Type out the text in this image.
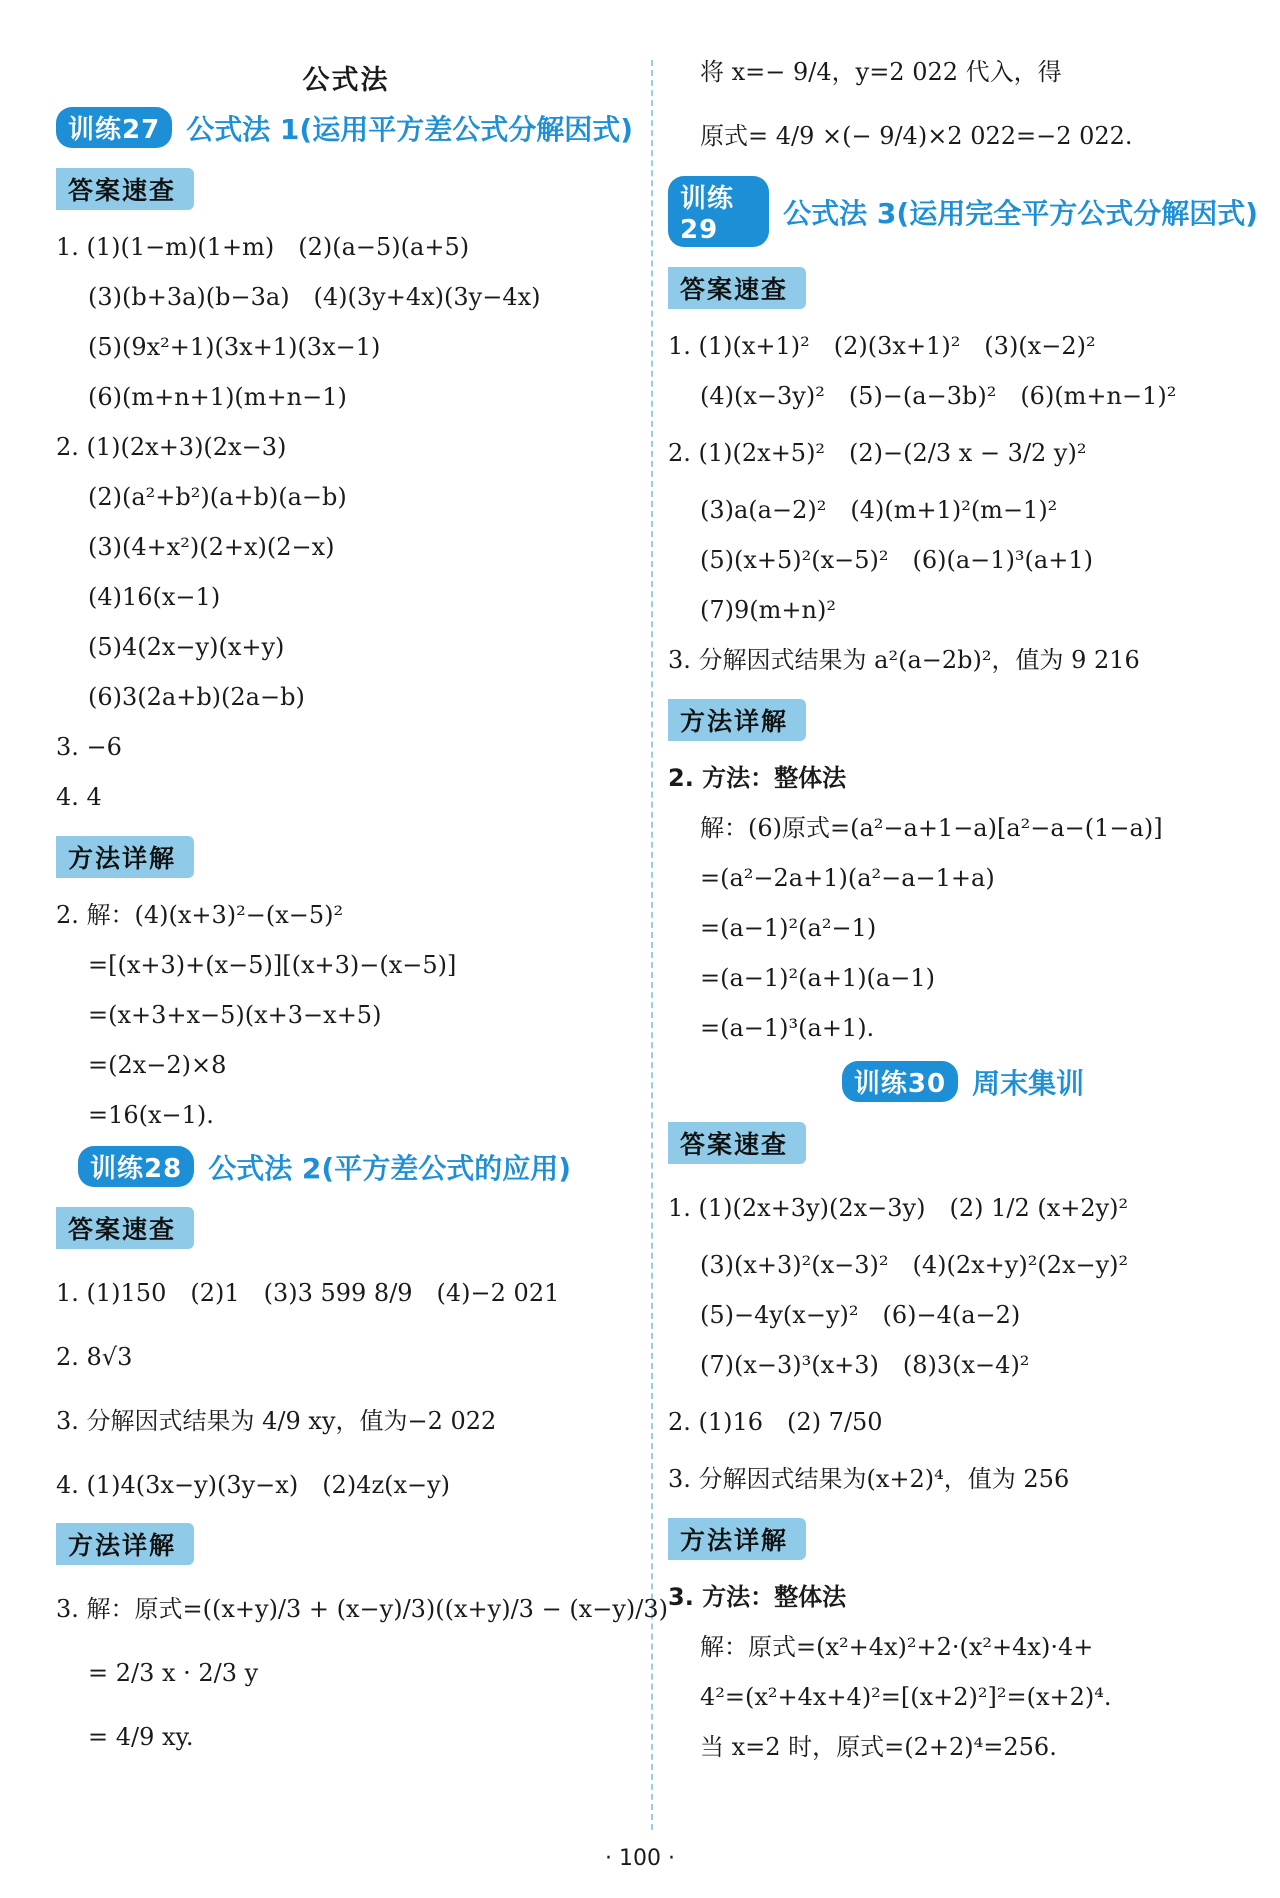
公式法
训练27 公式法 1(运用平方差公式分解因式)
答案速查
1. (1)(1−m)(1+m)　(2)(a−5)(a+5)
(3)(b+3a)(b−3a)　(4)(3y+4x)(3y−4x)
(5)(9x²+1)(3x+1)(3x−1)
(6)(m+n+1)(m+n−1)
2. (1)(2x+3)(2x−3)
(2)(a²+b²)(a+b)(a−b)
(3)(4+x²)(2+x)(2−x)
(4)16(x−1)
(5)4(2x−y)(x+y)
(6)3(2a+b)(2a−b)
3. −6
4. 4
方法详解
2. 解：(4)(x+3)²−(x−5)²
=[(x+3)+(x−5)][(x+3)−(x−5)]
=(x+3+x−5)(x+3−x+5)
=(2x−2)×8
=16(x−1).
训练28 公式法 2(平方差公式的应用)
答案速查
1. (1)150　(2)1　(3)3 599 8/9　(4)−2 021
2. 8√3
3. 分解因式结果为 4/9 xy，值为−2 022
4. (1)4(3x−y)(3y−x)　(2)4z(x−y)
方法详解
3. 解：原式=((x+y)/3 + (x−y)/3)((x+y)/3 − (x−y)/3)
= 2/3 x · 2/3 y
= 4/9 xy.
将 x=− 9/4，y=2 022 代入，得
原式= 4/9 ×(− 9/4)×2 022=−2 022.
训练29
公式法 3(运用完全平方公式分解因式)
答案速查
1. (1)(x+1)²　(2)(3x+1)²　(3)(x−2)²
(4)(x−3y)²　(5)−(a−3b)²　(6)(m+n−1)²
2. (1)(2x+5)²　(2)−(2/3 x − 3/2 y)²
(3)a(a−2)²　(4)(m+1)²(m−1)²
(5)(x+5)²(x−5)²　(6)(a−1)³(a+1)
(7)9(m+n)²
3. 分解因式结果为 a²(a−2b)²，值为 9 216
方法详解
2. 方法：整体法
解：(6)原式=(a²−a+1−a)[a²−a−(1−a)]
=(a²−2a+1)(a²−a−1+a)
=(a−1)²(a²−1)
=(a−1)²(a+1)(a−1)
=(a−1)³(a+1).
训练30 周末集训
答案速查
1. (1)(2x+3y)(2x−3y)　(2) 1/2 (x+2y)²
(3)(x+3)²(x−3)²　(4)(2x+y)²(2x−y)²
(5)−4y(x−y)²　(6)−4(a−2)
(7)(x−3)³(x+3)　(8)3(x−4)²
2. (1)16　(2) 7/50
3. 分解因式结果为(x+2)⁴，值为 256
方法详解
3. 方法：整体法
解：原式=(x²+4x)²+2·(x²+4x)·4+
4²=(x²+4x+4)²=[(x+2)²]²=(x+2)⁴.
当 x=2 时，原式=(2+2)⁴=256.
· 100 ·
